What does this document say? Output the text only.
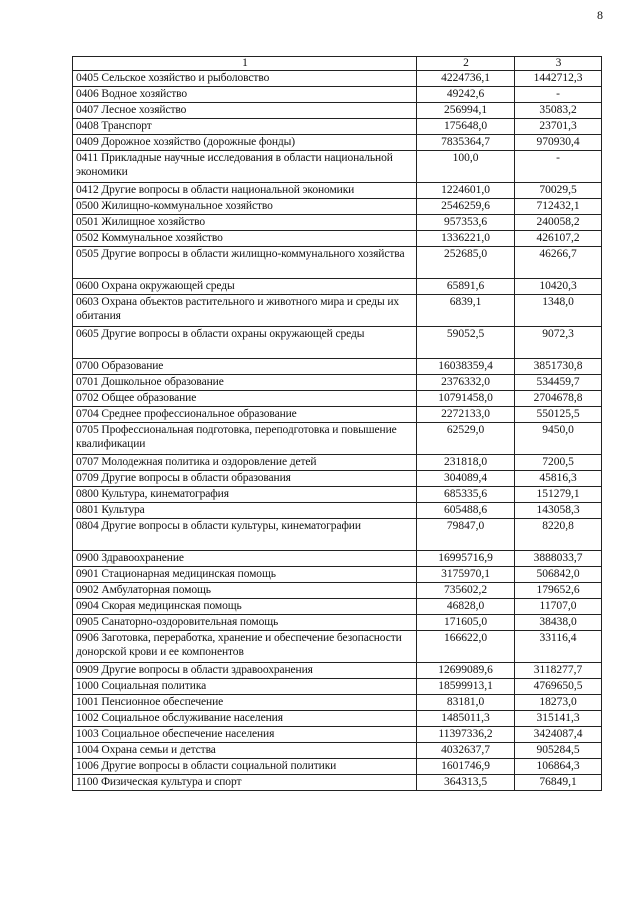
8
1	2	3
0405 Сельское хозяйство и рыболовство	4224736,1	1442712,3
0406 Водное хозяйство	49242,6	-
0407 Лесное хозяйство	256994,1	35083,2
0408 Транспорт	175648,0	23701,3
0409 Дорожное хозяйство (дорожные фонды)	7835364,7	970930,4
0411 Прикладные научные исследования в области национальной экономики	100,0	-
0412 Другие вопросы в области национальной экономики	1224601,0	70029,5
0500 Жилищно-коммунальное хозяйство	2546259,6	712432,1
0501 Жилищное хозяйство	957353,6	240058,2
0502 Коммунальное хозяйство	1336221,0	426107,2
0505 Другие вопросы в области жилищно-коммунального хозяйства	252685,0	46266,7
0600 Охрана окружающей среды	65891,6	10420,3
0603 Охрана объектов растительного и животного мира и среды их обитания	6839,1	1348,0
0605 Другие вопросы в области охраны окружающей среды	59052,5	9072,3
0700 Образование	16038359,4	3851730,8
0701 Дошкольное образование	2376332,0	534459,7
0702 Общее образование	10791458,0	2704678,8
0704 Среднее профессиональное образование	2272133,0	550125,5
0705 Профессиональная подготовка, переподготовка и повышение квалификации	62529,0	9450,0
0707 Молодежная политика и оздоровление детей	231818,0	7200,5
0709 Другие вопросы в области образования	304089,4	45816,3
0800 Культура, кинематография	685335,6	151279,1
0801 Культура	605488,6	143058,3
0804 Другие вопросы в области культуры, кинематографии	79847,0	8220,8
0900 Здравоохранение	16995716,9	3888033,7
0901 Стационарная медицинская помощь	3175970,1	506842,0
0902 Амбулаторная помощь	735602,2	179652,6
0904 Скорая медицинская помощь	46828,0	11707,0
0905 Санаторно-оздоровительная помощь	171605,0	38438,0
0906 Заготовка, переработка, хранение и обеспечение безопасности донорской крови и ее компонентов	166622,0	33116,4
0909 Другие вопросы в области здравоохранения	12699089,6	3118277,7
1000 Социальная политика	18599913,1	4769650,5
1001 Пенсионное обеспечение	83181,0	18273,0
1002 Социальное обслуживание населения	1485011,3	315141,3
1003 Социальное обеспечение населения	11397336,2	3424087,4
1004 Охрана семьи и детства	4032637,7	905284,5
1006 Другие вопросы в области социальной политики	1601746,9	106864,3
1100 Физическая культура и спорт	364313,5	76849,1
